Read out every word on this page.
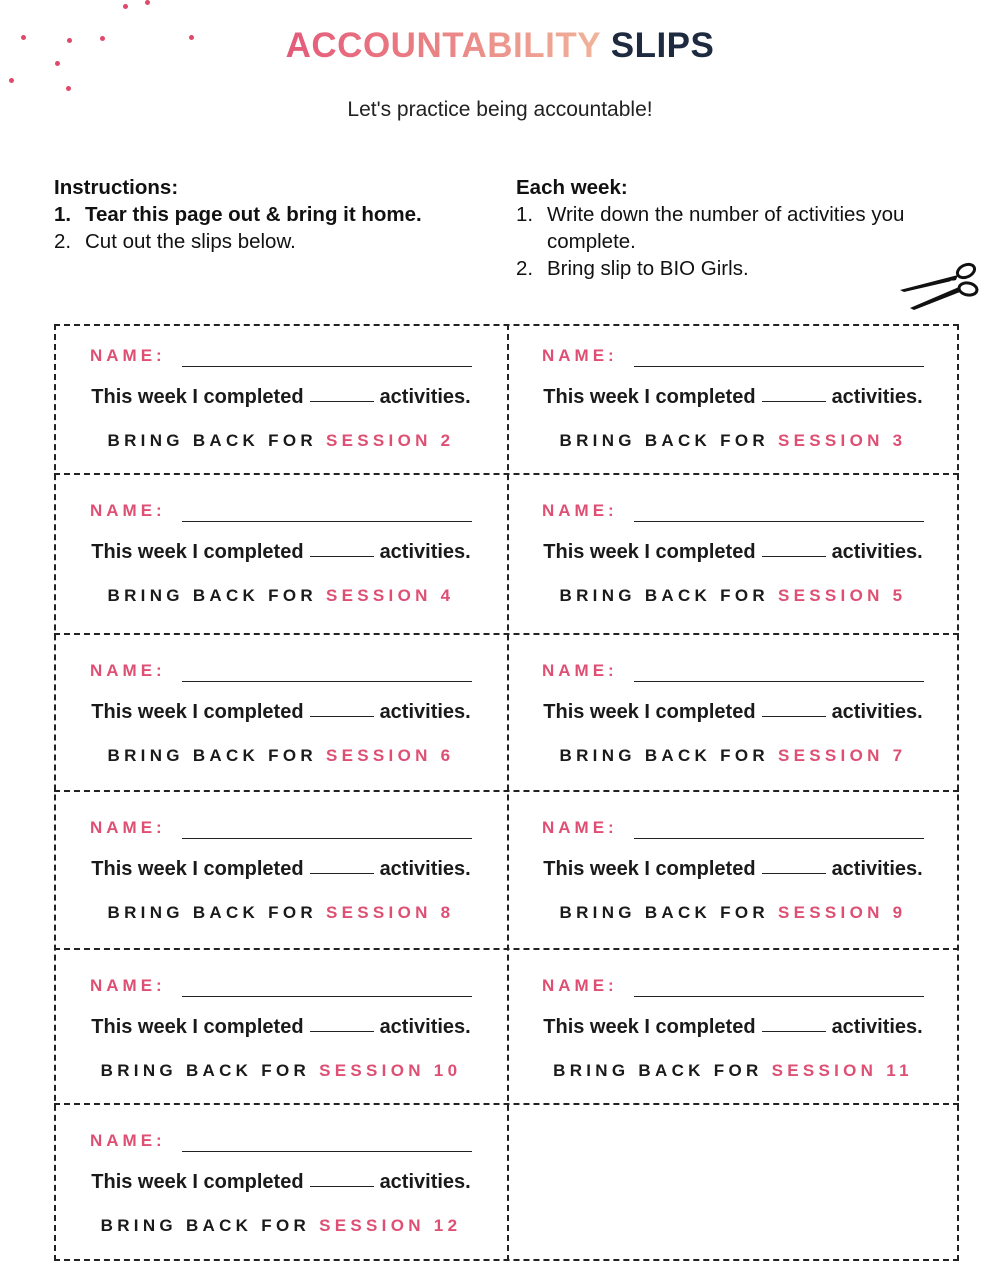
ACCOUNTABILITY SLIPS
Let's practice being accountable!
Instructions:
1. Tear this page out & bring it home.
2. Cut out the slips below.
Each week:
1. Write down the number of activities you complete.
2. Bring slip to BIO Girls.
NAME:
This week I completed	activities.
BRING BACK FOR SESSION 2
NAME:
This week I completed	activities.
BRING BACK FOR SESSION 3
NAME:
This week I completed	activities.
BRING BACK FOR SESSION 4
NAME:
This week I completed	activities.
BRING BACK FOR SESSION 5
NAME:
This week I completed	activities.
BRING BACK FOR SESSION 6
NAME:
This week I completed	activities.
BRING BACK FOR SESSION 7
NAME:
This week I completed	activities.
BRING BACK FOR SESSION 8
NAME:
This week I completed	activities.
BRING BACK FOR SESSION 9
NAME:
This week I completed	activities.
BRING BACK FOR SESSION 10
NAME:
This week I completed	activities.
BRING BACK FOR SESSION 11
NAME:
This week I completed	activities.
BRING BACK FOR SESSION 12
